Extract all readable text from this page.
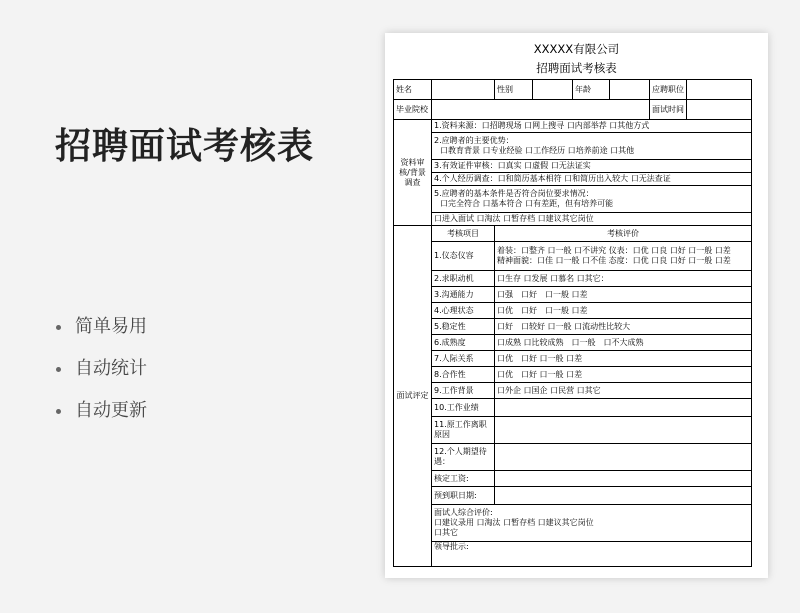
招聘面试考核表
简单易用
自动统计
自动更新
XXXXX有限公司
招聘面试考核表
姓名		性别		年龄		应聘职位	
毕业院校						面试时间	
资料审核/背景调查	1.资料来源：口招聘现场 口网上搜寻 口内部举荐 口其他方式						
	2.应聘者的主要优势：

口教育背景 口专业经验 口工作经历 口培养前途 口其他						

	3.有效证件审核：口真实 口虚假 口无法证实						
	4.个人经历调查：口和简历基本相符 口和简历出入较大 口无法查证						
	5.应聘者的基本条件是否符合岗位要求情况：

口完全符合 口基本符合 口有差距，但有培养可能						

	口进入面试 口淘汰 口暂存档 口建议其它岗位						
面试评定	考核项目	考核评价					
	1.仪态仪容	着装：口整齐 口一般 口不讲究 仪表：口优 口良 口好 口一般 口差
精神面貌：口佳 口一般 口不佳 态度：口优 口良 口好 口一般 口差					
	2.求职动机	口生存 口发展 口慕名 口其它：					
	3.沟通能力	口强　口好　口一般 口差					
	4.心理状态	口优　口好　口一般 口差					
	5.稳定性	口好　口较好 口一般 口流动性比较大					
	6.成熟度	口成熟 口比较成熟　口一般　口不大成熟					
	7.人际关系	口优　口好 口一般 口差					
	8.合作性	口优　口好 口一般 口差					
	9.工作背景	口外企 口国企 口民营 口其它					
	10.工作业绩						
	11.原工作离职原因						
	12.个人期望待遇：						
	核定工资:						
	预到职日期:						
	面试人综合评价:
口建议录用 口淘汰 口暂存档 口建议其它岗位
口其它						
	领导批示:						
